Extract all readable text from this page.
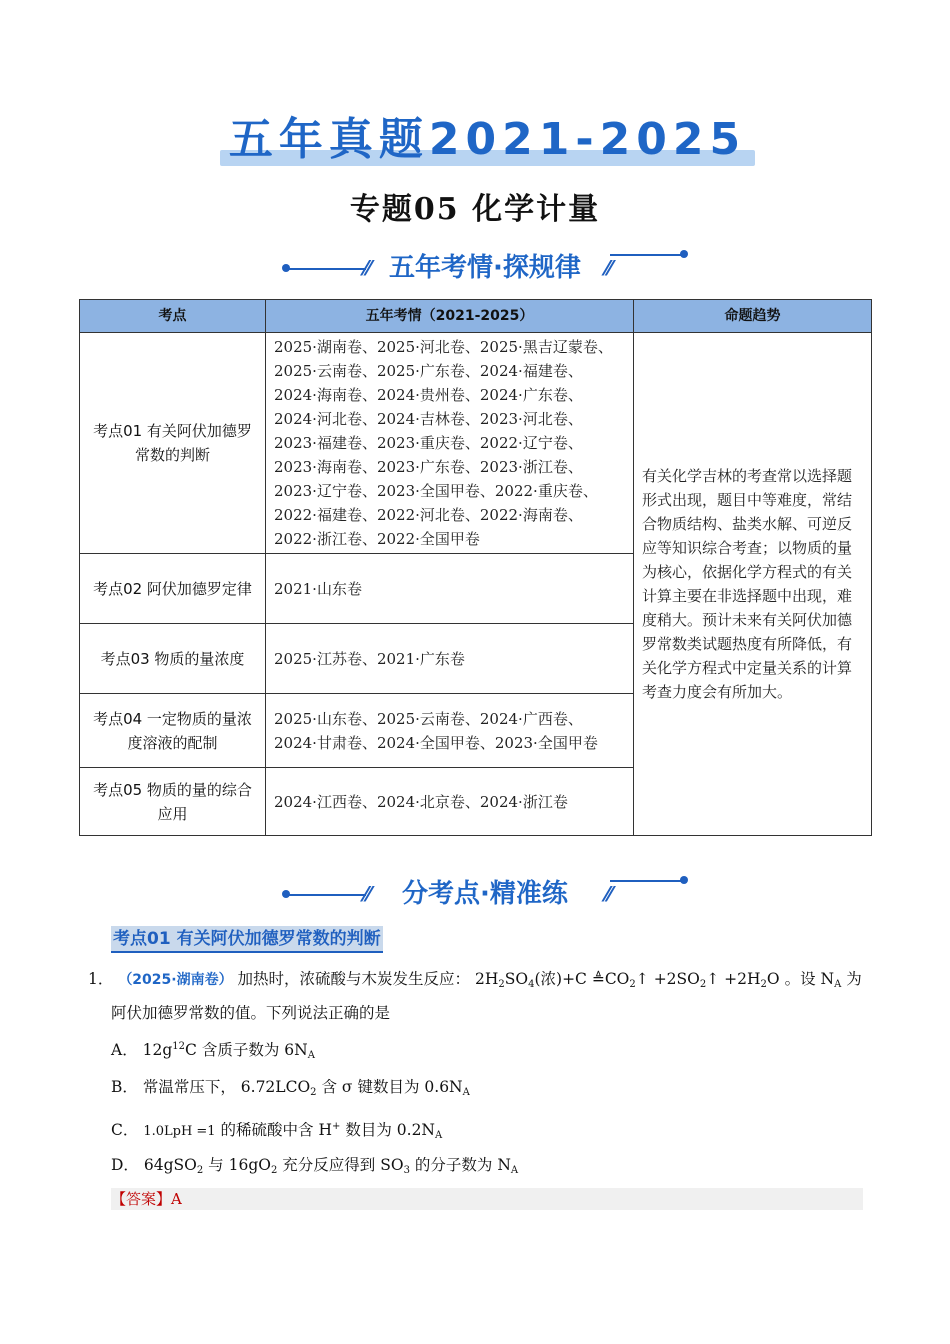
五年真题2021-2025
专题05 化学计量
⁄⁄ 五年考情·探规律	⁄⁄
考点	五年考情（2021-2025）	命题趋势
考点01 有关阿伏加德罗常数的判断	2025·湖南卷、2025·河北卷、2025·黑吉辽蒙卷、2025·云南卷、2025·广东卷、2024·福建卷、2024·海南卷、2024·贵州卷、2024·广东卷、2024·河北卷、2024·吉林卷、2023·河北卷、2023·福建卷、2023·重庆卷、2022·辽宁卷、2023·海南卷、2023·广东卷、2023·浙江卷、2023·辽宁卷、2023·全国甲卷、2022·重庆卷、2022·福建卷、2022·河北卷、2022·海南卷、2022·浙江卷、2022·全国甲卷	有关化学吉林的考查常以选择题形式出现，题目中等难度，常结合物质结构、盐类水解、可逆反应等知识综合考查；以物质的量为核心，依据化学方程式的有关计算主要在非选择题中出现，难度稍大。预计未来有关阿伏加德罗常数类试题热度有所降低，有关化学方程式中定量关系的计算考查力度会有所加大。
考点02 阿伏加德罗定律	2021·山东卷	
考点03 物质的量浓度	2025·江苏卷、2021·广东卷	
考点04 一定物质的量浓度溶液的配制	2025·山东卷、2025·云南卷、2024·广西卷、2024·甘肃卷、2024·全国甲卷、2023·全国甲卷	
考点05 物质的量的综合应用	2024·江西卷、2024·北京卷、2024·浙江卷	
⁄⁄	分考点·精准练	⁄⁄
考点01 有关阿伏加德罗常数的判断
1． （2025·湖南卷） 加热时，浓硫酸与木炭发生反应： $2H_2SO_4$(浓)+C $≜CO_2↑$ $+2SO_2↑ +2H_2O$ 。设 $N_A$ 为
阿伏加德罗常数的值。下列说法正确的是
A． $12g^{12}C$ 含质子数为 $6N_A$
B． 常温常压下， $6.72LCO_2$ 含 σ 键数目为 $0.6N_A$
C． 1.0LpH =1 的稀硫酸中含 H+ 数目为 $0.2N_A$
D． 64gSO$_2$ 与 $16gO_2$ 充分反应得到 $SO_3$ 的分子数为 $N_A$
【答案】A
